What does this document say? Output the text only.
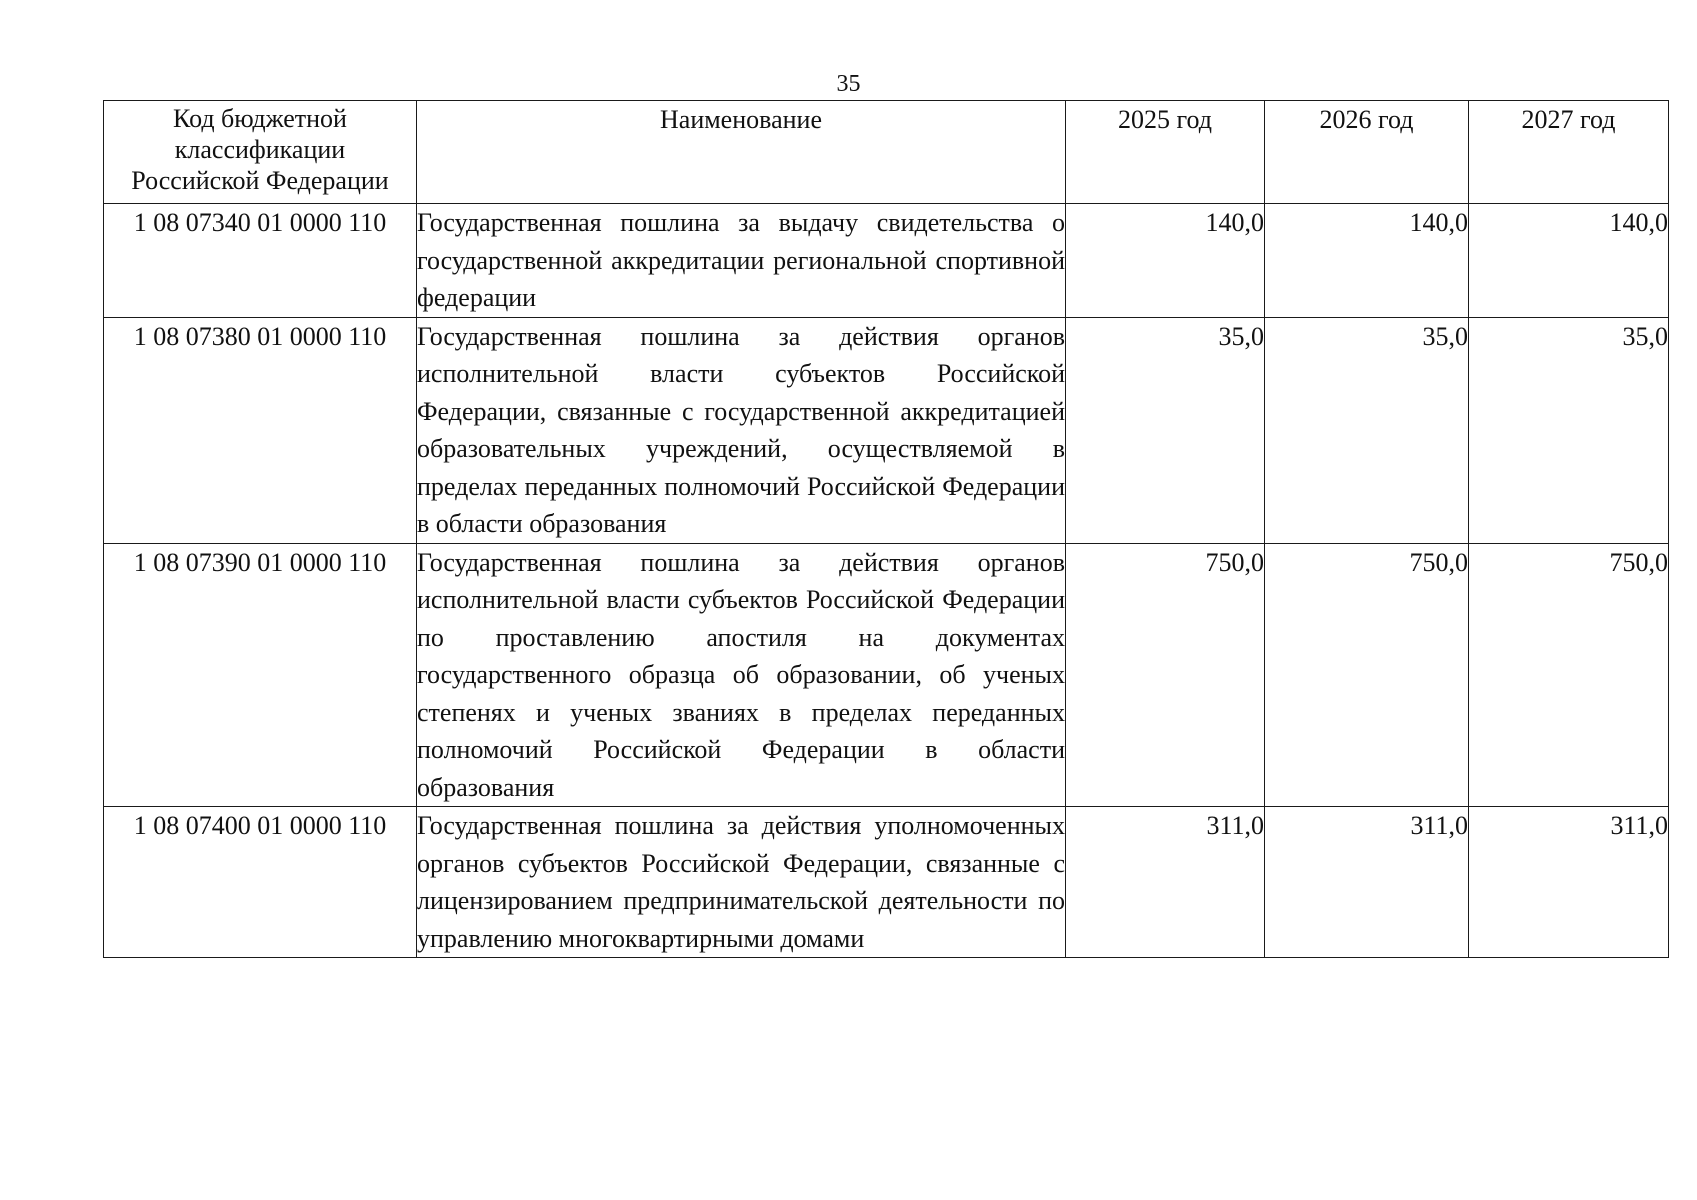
35
Код бюджетной классификации Российской Федерации	Наименование	2025 год	2026 год	2027 год
1 08 07340 01 0000 110	Государственная пошлина за выдачу свидетельства о государственной аккредитации региональной спортивной федерации	140,0	140,0	140,0
1 08 07380 01 0000 110	Государственная пошлина за действия органов исполнительной власти субъектов Российской Федерации, связанные с государственной аккредитацией образовательных учреждений, осуществляемой в пределах переданных полномочий Российской Федерации в области образования	35,0	35,0	35,0
1 08 07390 01 0000 110	Государственная пошлина за действия органов исполнительной власти субъектов Российской Федерации по проставлению апостиля на документах государственного образца об образовании, об ученых степенях и ученых званиях в пределах переданных полномочий Российской Федерации в области образования	750,0	750,0	750,0
1 08 07400 01 0000 110	Государственная пошлина за действия уполномоченных органов субъектов Российской Федерации, связанные с лицензированием предпринимательской деятельности по управлению многоквартирными домами	311,0	311,0	311,0
